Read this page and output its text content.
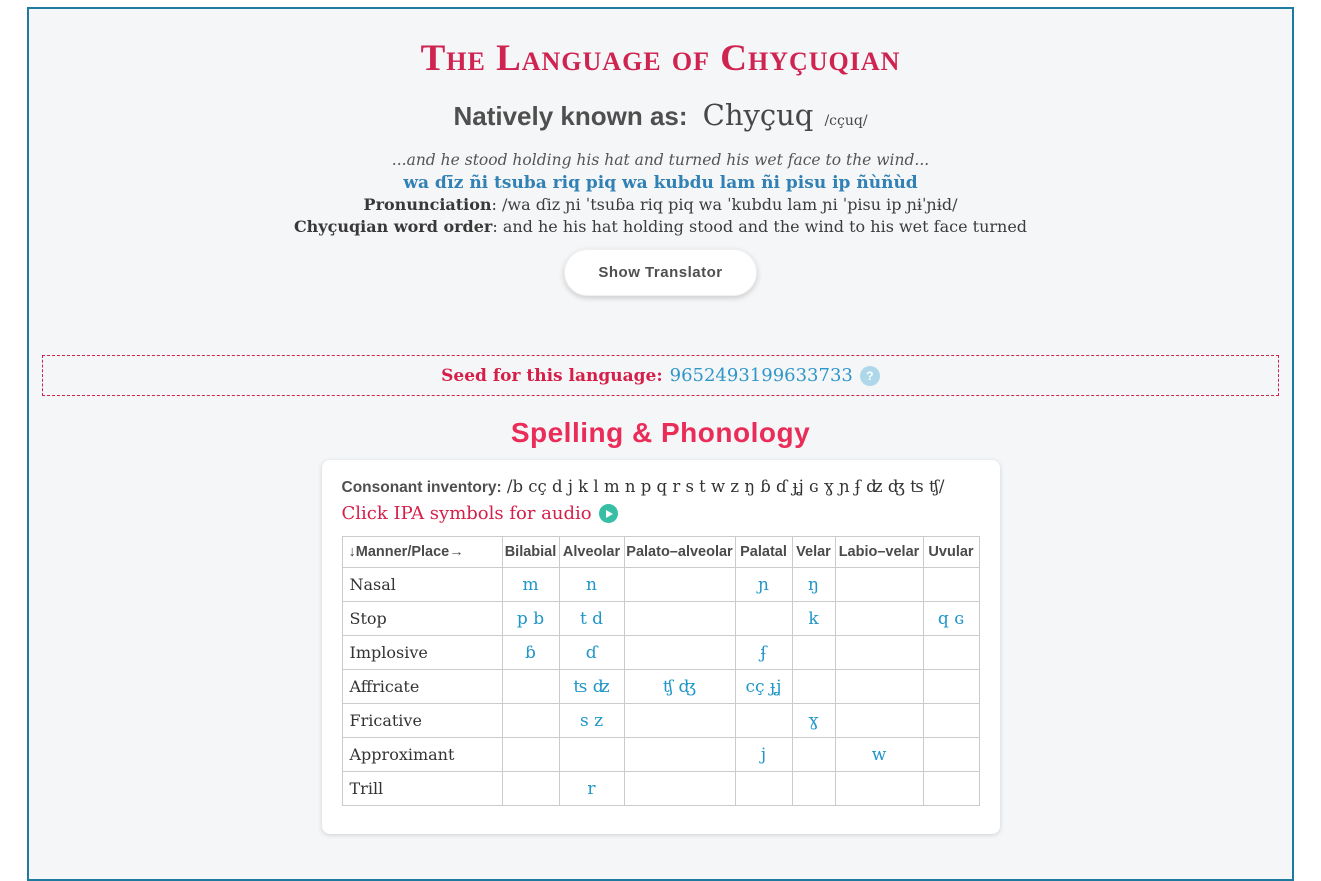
The Language of Chyçuqian
Natively known as: Chyçuq /cçuq/
...and he stood holding his hat and turned his wet face to the wind...
wa ɗīz ñi tsuba riq piq wa kubdu lam ñi pisu ip ñùñùd
Pronunciation: /wa ɗiz ɲi ˈtsuɓa riq piq wa ˈkubdu lam ɲi ˈpisu ip ɲɨˈɲɨd/
Chyçuqian word order: and he his hat holding stood and the wind to his wet face turned
Show Translator
Seed for this language: 9652493199633733	?
Spelling & Phonology
Consonant inventory: /b cç d j k l m n p q r s t w z ŋ ɓ ɗ ɟʝ ɢ ɣ ɲ ʄ ʣ ʤ ʦ ʧ/
Click IPA symbols for audio
↓Manner/Place→	Bilabial	Alveolar	Palato–alveolar	Palatal	Velar	Labio–velar	Uvular
Nasal	m	n		ɲ	ŋ		
Stop	p b	t d			k		q ɢ
Implosive	ɓ	ɗ		ʄ			
Affricate		ʦ ʣ	ʧ ʤ	cç ɟʝ			
Fricative		s z			ɣ		
Approximant				j		w	
Trill		r					
